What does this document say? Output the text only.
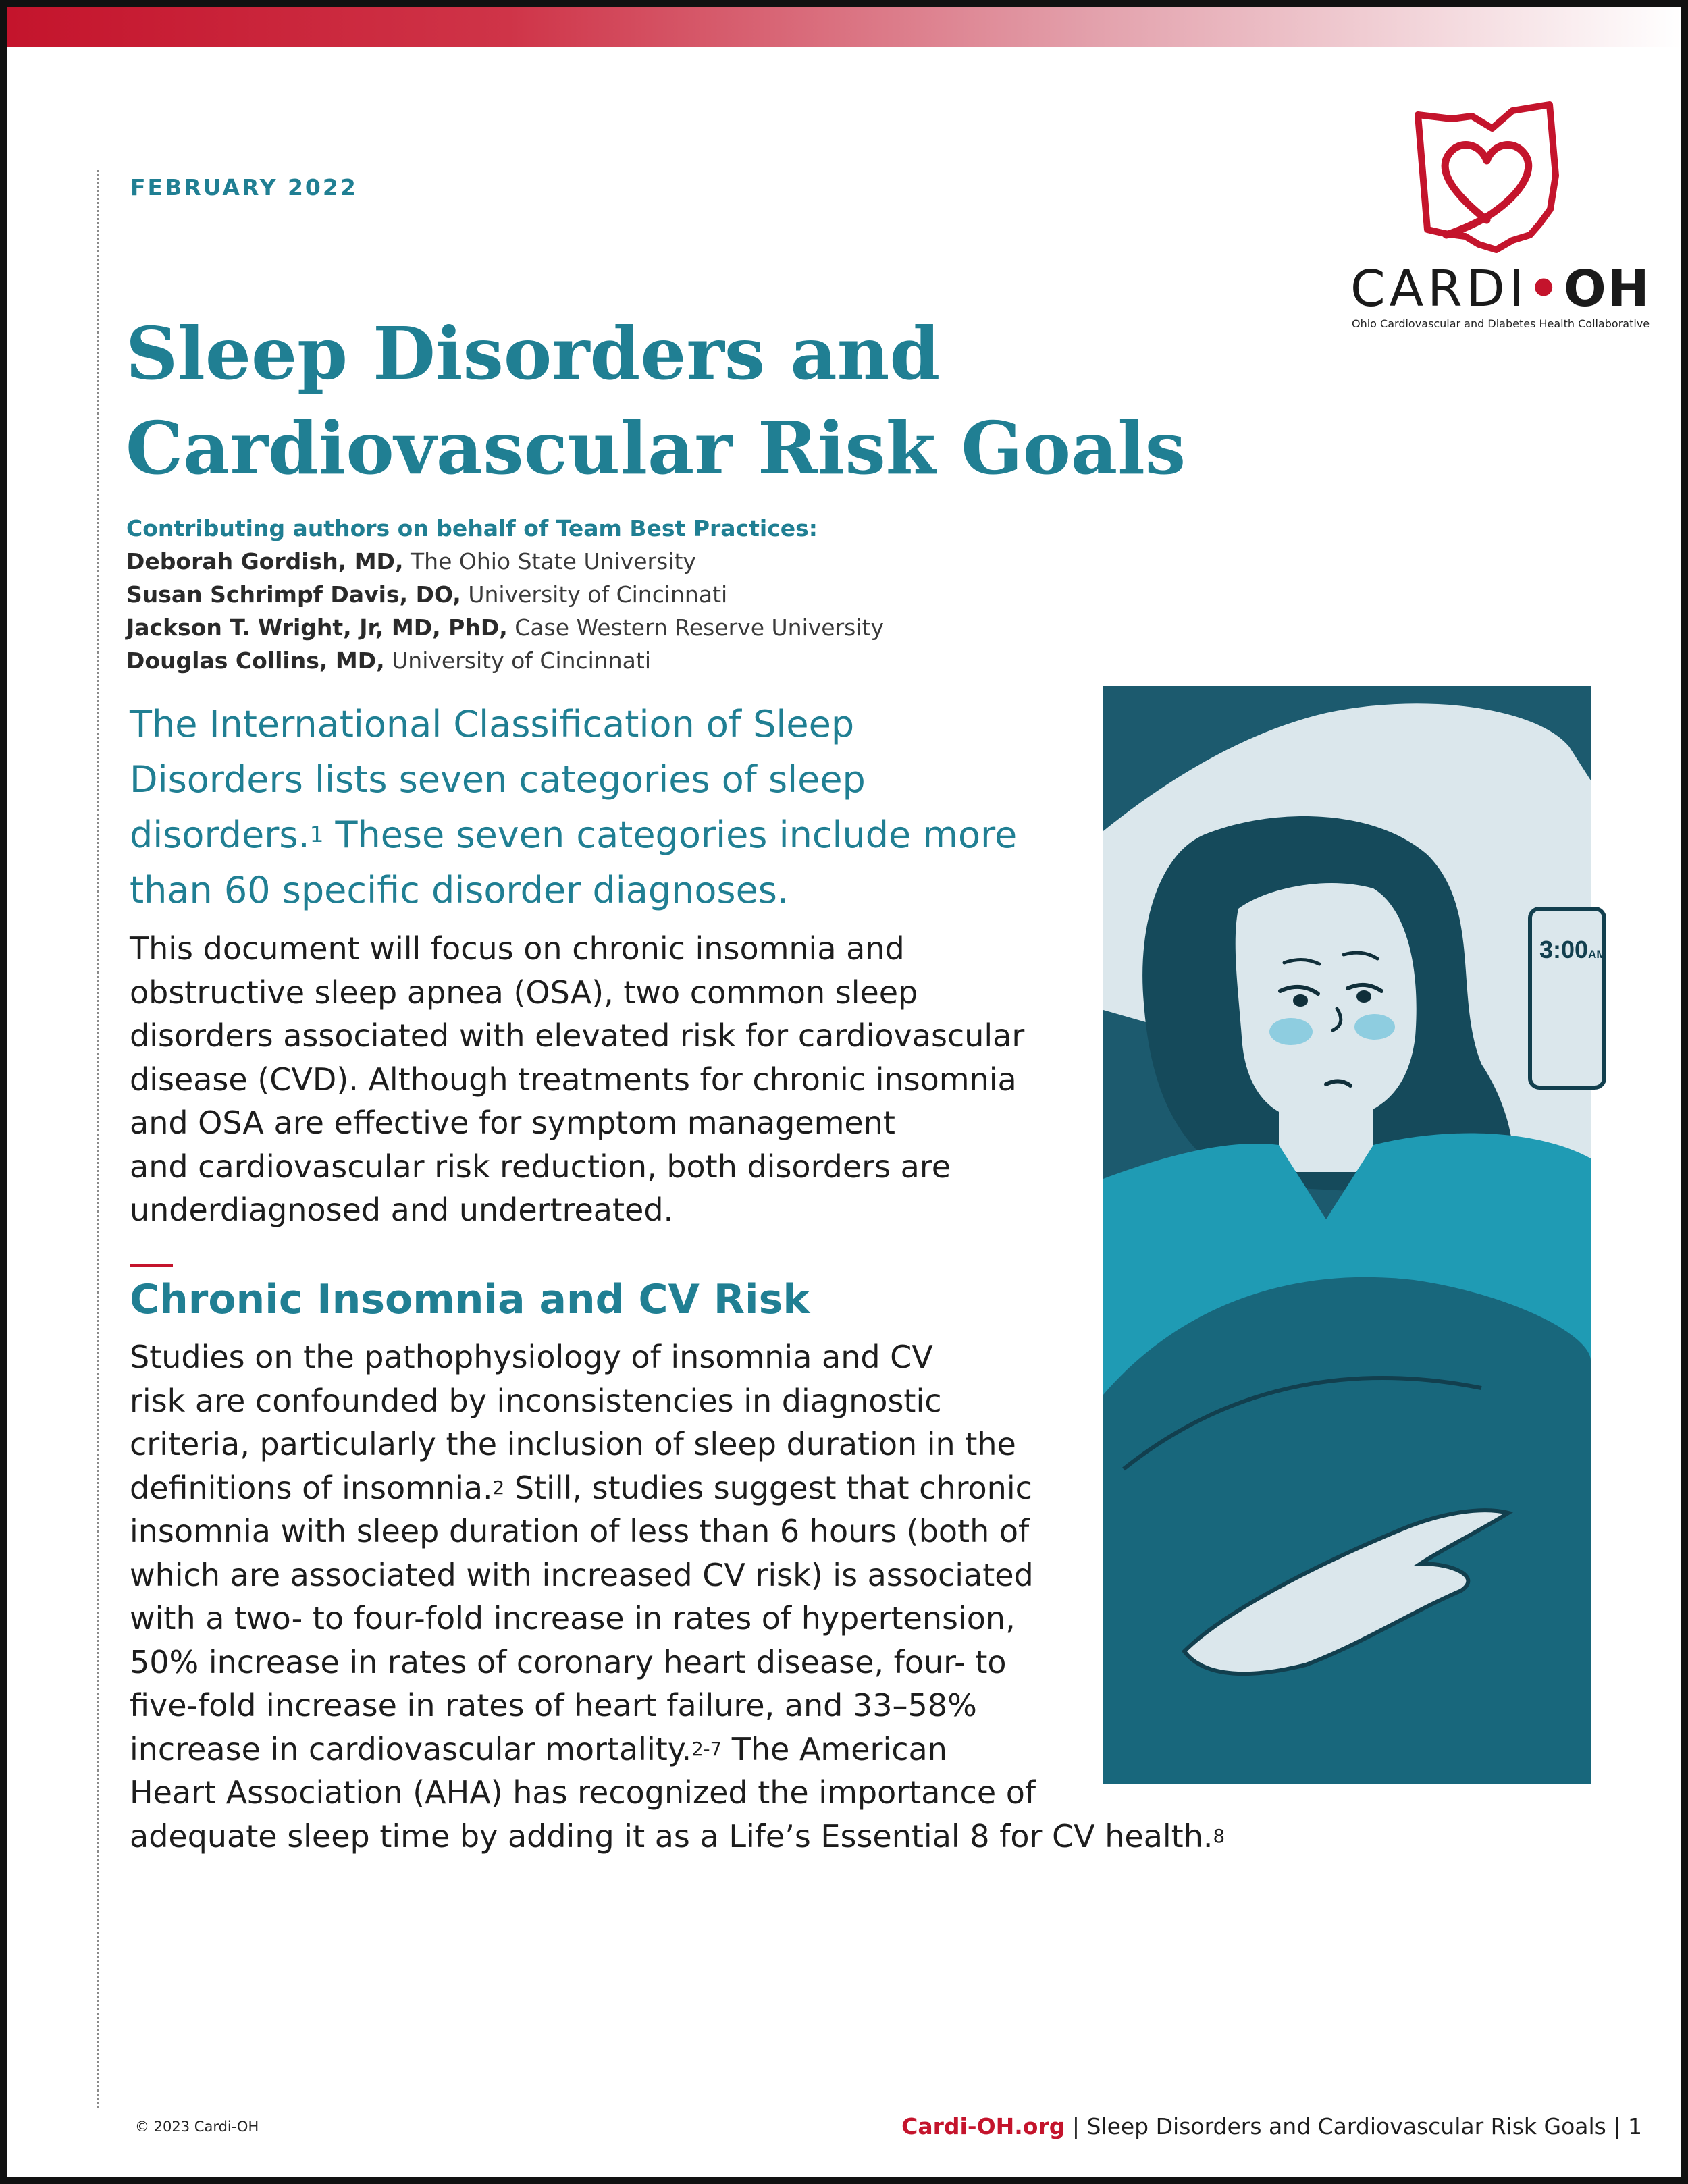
FEBRUARY 2022
CARDI•OH
Ohio Cardiovascular and Diabetes Health Collaborative
Sleep Disorders and
Cardiovascular Risk Goals
Contributing authors on behalf of Team Best Practices:
Deborah Gordish, MD, The Ohio State University
Susan Schrimpf Davis, DO, University of Cincinnati
Jackson T. Wright, Jr, MD, PhD, Case Western Reserve University
Douglas Collins, MD, University of Cincinnati
The International Classification of Sleep
Disorders lists seven categories of sleep
disorders.$^1$ These seven categories include more
than 60 specific disorder diagnoses.
This document will focus on chronic insomnia and
obstructive sleep apnea (OSA), two common sleep
disorders associated with elevated risk for cardiovascular
disease (CVD). Although treatments for chronic insomnia
and OSA are effective for symptom management
and cardiovascular risk reduction, both disorders are
underdiagnosed and undertreated.
Chronic Insomnia and CV Risk
Studies on the pathophysiology of insomnia and CV
risk are confounded by inconsistencies in diagnostic
criteria, particularly the inclusion of sleep duration in the
definitions of insomnia.$^2$ Still, studies suggest that chronic
insomnia with sleep duration of less than 6 hours (both of
which are associated with increased CV risk) is associated
with a two- to four-fold increase in rates of hypertension,
50% increase in rates of coronary heart disease, four- to
five-fold increase in rates of heart failure, and 33–58%
increase in cardiovascular mortality.$^{2-7}$ The American
Heart Association (AHA) has recognized the importance of
adequate sleep time by adding it as a Life’s Essential 8 for CV health.$^8$
3:00AM
© 2023 Cardi-OH	Cardi-OH.org | Sleep Disorders and Cardiovascular Risk Goals | 1
